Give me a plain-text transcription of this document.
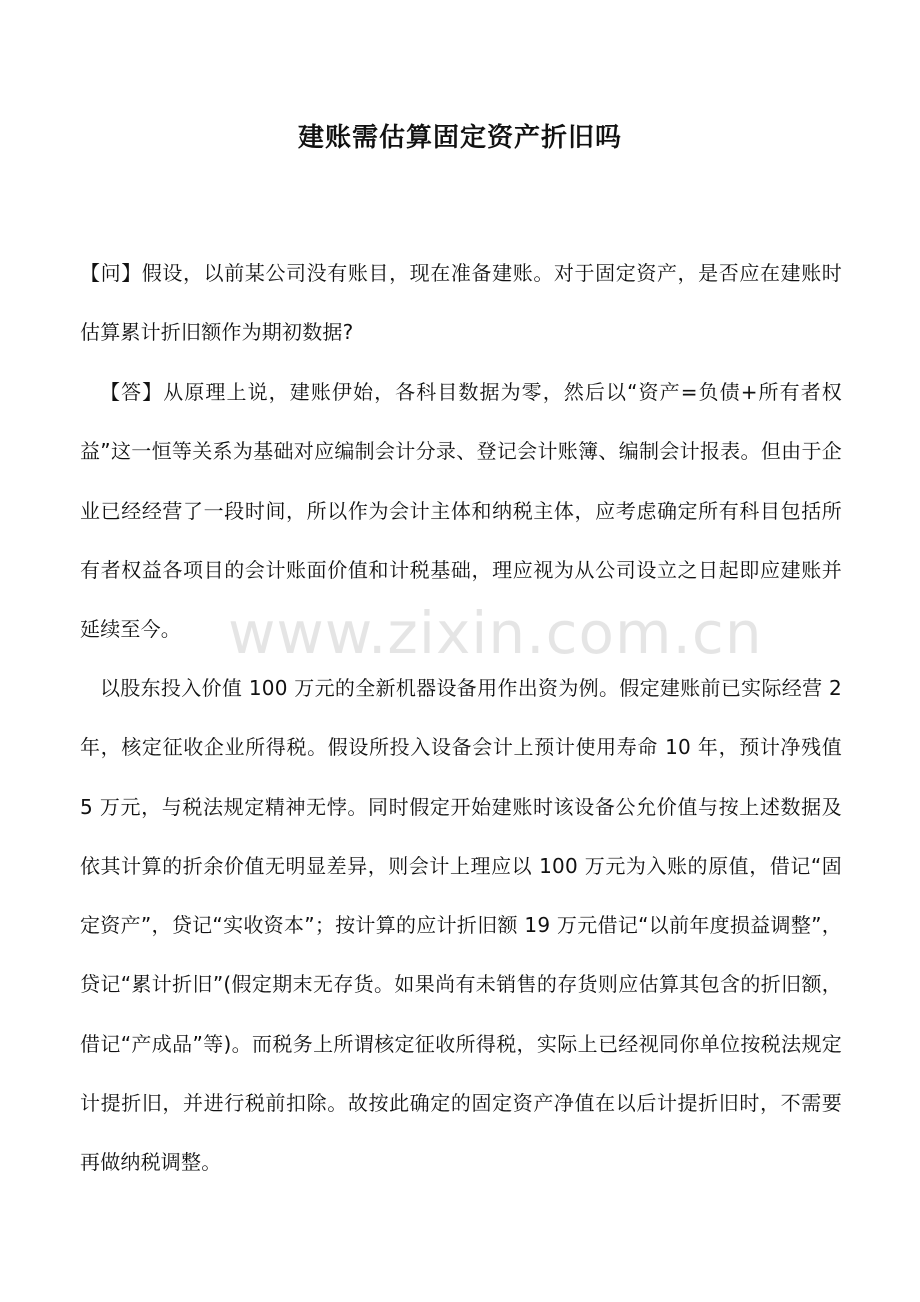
建账需估算固定资产折旧吗
【问】假设，以前某公司没有账目，现在准备建账。对于固定资产，是否应在建账时估算累计折旧额作为期初数据?
【答】从原理上说，建账伊始，各科目数据为零，然后以“资产=负债+所有者权益”这一恒等关系为基础对应编制会计分录、登记会计账簿、编制会计报表。但由于企业已经经营了一段时间，所以作为会计主体和纳税主体，应考虑确定所有科目包括所有者权益各项目的会计账面价值和计税基础，理应视为从公司设立之日起即应建账并延续至今。
以股东投入价值 100 万元的全新机器设备用作出资为例。假定建账前已实际经营 2 年，核定征收企业所得税。假设所投入设备会计上预计使用寿命 10 年，预计净残值 5 万元，与税法规定精神无悖。同时假定开始建账时该设备公允价值与按上述数据及依其计算的折余价值无明显差异，则会计上理应以 100 万元为入账的原值，借记“固定资产”，贷记“实收资本”；按计算的应计折旧额 19 万元借记“以前年度损益调整”，贷记“累计折旧”(假定期末无存货。如果尚有未销售的存货则应估算其包含的折旧额，借记“产成品”等)。而税务上所谓核定征收所得税，实际上已经视同你单位按税法规定计提折旧，并进行税前扣除。故按此确定的固定资产净值在以后计提折旧时，不需要再做纳税调整。
www.zixin.com.cn
